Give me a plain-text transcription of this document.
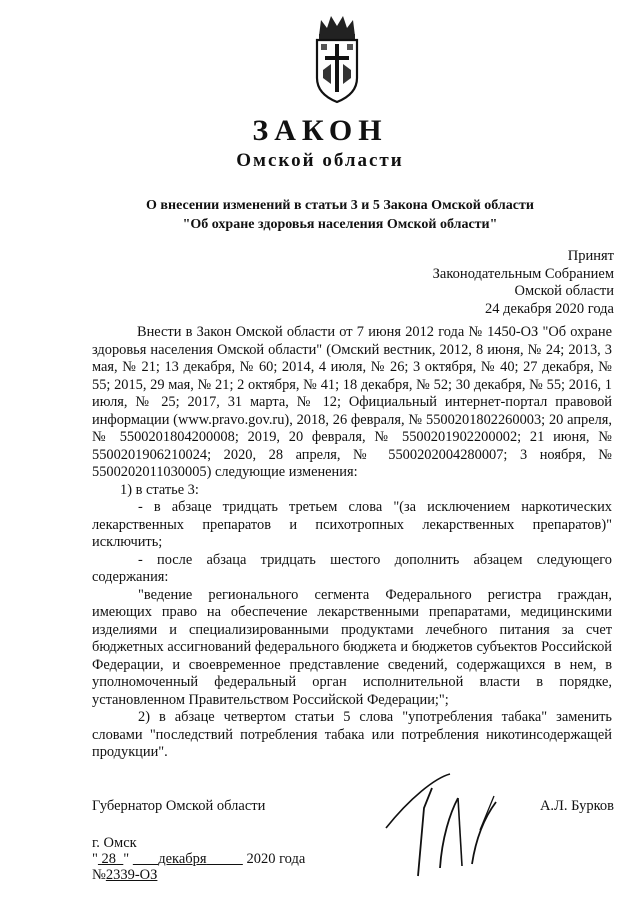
ЗАКОН
Омской области
О внесении изменений в статьи 3 и 5 Закона Омской области
"Об охране здоровья населения Омской области"
Принят
Законодательным Собранием
Омской области
24 декабря 2020 года

Внести в Закон Омской области от 7 июня 2012 года № 1450-ОЗ "Об охране здоровья населения Омской области" (Омский вестник, 2012, 8 июня, № 24; 2013, 3 мая, № 21; 13 декабря, № 60; 2014, 4 июля, № 26; 3 октября, № 40; 27 декабря, № 55; 2015, 29 мая, № 21; 2 октября, № 41; 18 декабря, № 52; 30 декабря, № 55; 2016, 1 июля, № 25; 2017, 31 марта, № 12; Официальный интернет-портал правовой информации (www.pravo.gov.ru), 2018, 26 февраля, № 5500201802260003; 20 апреля, № 5500201804200008; 2019, 20 февраля, № 5500201902200002; 21 июня, № 5500201906210024; 2020, 28 апреля, № 5500202004280007; 3 ноября, № 5500202011030005) следующие изменения:

1) в статье 3:

- в абзаце тридцать третьем слова "(за исключением наркотических лекарственных препаратов и психотропных лекарственных препаратов)" исключить;

- после абзаца тридцать шестого дополнить абзацем следующего содержания:

"ведение регионального сегмента Федерального регистра граждан, имеющих право на обеспечение лекарственными препаратами, медицинскими изделиями и специализированными продуктами лечебного питания за счет бюджетных ассигнований федерального бюджета и бюджетов субъектов Российской Федерации, и своевременное представление сведений, содержащихся в нем, в уполномоченный федеральный орган исполнительной власти в порядке, установленном Правительством Российской Федерации;";

2) в абзаце четвертом статьи 5 слова "употребления табака" заменить словами "последствий потребления табака или потребления никотинсодержащей продукции".

Губернатор Омской области	А.Л. Бурков
г. Омск
" 28 " декабря	2020 года
№2339-ОЗ
